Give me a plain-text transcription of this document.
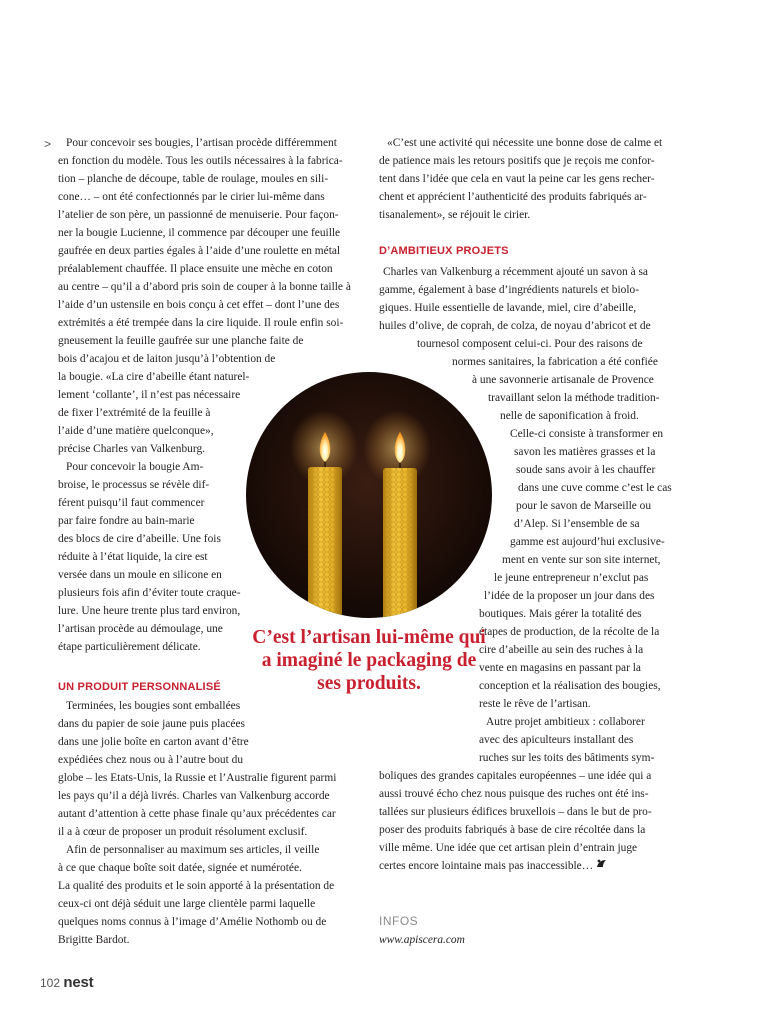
> Pour concevoir ses bougies, l’artisan procède différemment
en fonction du modèle. Tous les outils nécessaires à la fabrica-
tion – planche de découpe, table de roulage, moules en sili-
cone… – ont été confectionnés par le cirier lui-même dans
l’atelier de son père, un passionné de menuiserie. Pour façon-
ner la bougie Lucienne, il commence par découper une feuille
gaufrée en deux parties égales à l’aide d’une roulette en métal
préalablement chauffée. Il place ensuite une mèche en coton
au centre – qu’il a d’abord pris soin de couper à la bonne taille à
l’aide d’un ustensile en bois conçu à cet effet – dont l’une des
extrémités a été trempée dans la cire liquide. Il roule enfin soi-
gneusement la feuille gaufrée sur une planche faite de
bois d’acajou et de laiton jusqu’à l’obtention de
la bougie. «La cire d’abeille étant naturel-
lement ‘collante’, il n’est pas nécessaire
de fixer l’extrémité de la feuille à
l’aide d’une matière quelconque»,
précise Charles van Valkenburg.
Pour concevoir la bougie Am-
broise, le processus se révèle dif-
férent puisqu’il faut commencer
par faire fondre au bain-marie
des blocs de cire d’abeille. Une fois
réduite à l’état liquide, la cire est
versée dans un moule en silicone en
plusieurs fois afin d’éviter toute craque-
lure. Une heure trente plus tard environ,
l’artisan procède au démoulage, une
étape particulièrement délicate.
UN PRODUIT PERSONNALISÉ
Terminées, les bougies sont emballées
dans du papier de soie jaune puis placées
dans une jolie boîte en carton avant d’être
expédiées chez nous ou à l’autre bout du
globe – les Etats-Unis, la Russie et l’Australie figurent parmi
les pays qu’il a déjà livrés. Charles van Valkenburg accorde
autant d’attention à cette phase finale qu’aux précédentes car
il a à cœur de proposer un produit résolument exclusif.
Afin de personnaliser au maximum ses articles, il veille
à ce que chaque boîte soit datée, signée et numérotée.
La qualité des produits et le soin apporté à la présentation de
ceux-ci ont déjà séduit une large clientèle parmi laquelle
quelques noms connus à l’image d’Amélie Nothomb ou de
Brigitte Bardot.
«C’est une activité qui nécessite une bonne dose de calme et
de patience mais les retours positifs que je reçois me confor-
tent dans l’idée que cela en vaut la peine car les gens recher-
chent et apprécient l’authenticité des produits fabriqués ar-
tisanalement», se réjouit le cirier.
D’AMBITIEUX PROJETS
Charles van Valkenburg a récemment ajouté un savon à sa
gamme, également à base d’ingrédients naturels et biolo-
giques. Huile essentielle de lavande, miel, cire d’abeille,
huiles d’olive, de coprah, de colza, de noyau d’abricot et de
tournesol composent celui-ci. Pour des raisons de
normes sanitaires, la fabrication a été confiée
à une savonnerie artisanale de Provence
travaillant selon la méthode tradition-
nelle de saponification à froid.
Celle-ci consiste à transformer en
savon les matières grasses et la
soude sans avoir à les chauffer
dans une cuve comme c’est le cas
pour le savon de Marseille ou
d’Alep. Si l’ensemble de sa
gamme est aujourd’hui exclusive-
ment en vente sur son site internet,
le jeune entrepreneur n’exclut pas
l’idée de la proposer un jour dans des
boutiques. Mais gérer la totalité des
étapes de production, de la récolte de la
cire d’abeille au sein des ruches à la
vente en magasins en passant par la
conception et la réalisation des bougies,
reste le rêve de l’artisan.
Autre projet ambitieux : collaborer
avec des apiculteurs installant des
ruches sur les toits des bâtiments sym-
boliques des grandes capitales européennes – une idée qui a
aussi trouvé écho chez nous puisque des ruches ont été ins-
tallées sur plusieurs édifices bruxellois – dans le but de pro-
poser des produits fabriqués à base de cire récoltée dans la
ville même. Une idée que cet artisan plein d’entrain juge
certes encore lointaine mais pas inaccessible…
C’est l’artisan lui-même qui a imaginé le packaging de ses produits.
INFOS
www.apiscera.com
102 nest
